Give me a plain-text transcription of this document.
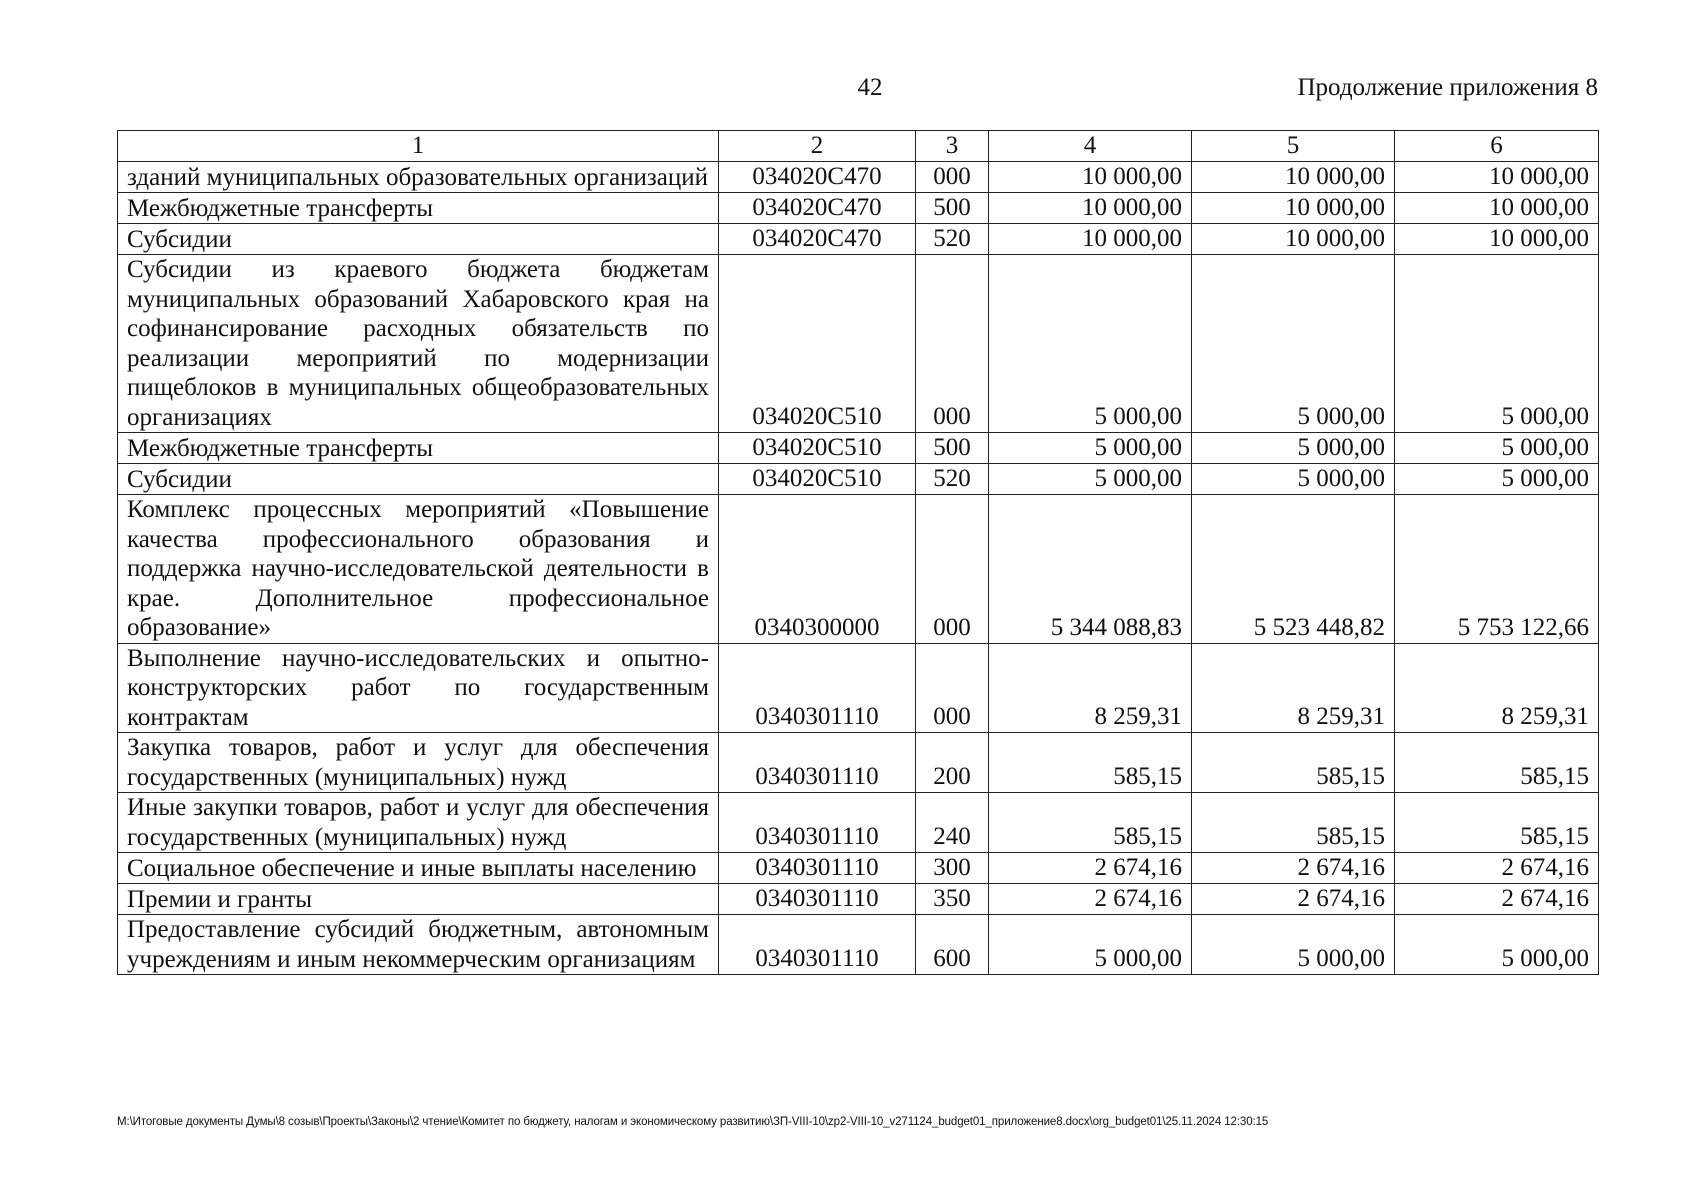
42	Продолжение приложения 8
1	2	3	4	5	6
зданий муниципальных образовательных организаций	034020C470	000	10 000,00	10 000,00	10 000,00
Межбюджетные трансферты	034020C470	500	10 000,00	10 000,00	10 000,00
Субсидии	034020C470	520	10 000,00	10 000,00	10 000,00
Субсидии из краевого бюджета бюджетам муниципальных образований Хабаровского края на софинансирование расходных обязательств по реализации мероприятий по модернизации пищеблоков в муниципальных общеобразовательных организациях	034020C510	000	5 000,00	5 000,00	5 000,00
Межбюджетные трансферты	034020C510	500	5 000,00	5 000,00	5 000,00
Субсидии	034020C510	520	5 000,00	5 000,00	5 000,00
Комплекс процессных мероприятий «Повышение качества профессионального образования и поддержка научно-исследовательской деятельности в крае. Дополнительное профессиональное образование»	0340300000	000	5 344 088,83	5 523 448,82	5 753 122,66
Выполнение научно-исследовательских и опытно-конструкторских работ по государственным контрактам	0340301110	000	8 259,31	8 259,31	8 259,31
Закупка товаров, работ и услуг для обеспечения государственных (муниципальных) нужд	0340301110	200	585,15	585,15	585,15
Иные закупки товаров, работ и услуг для обеспечения государственных (муниципальных) нужд	0340301110	240	585,15	585,15	585,15
Социальное обеспечение и иные выплаты населению	0340301110	300	2 674,16	2 674,16	2 674,16
Премии и гранты	0340301110	350	2 674,16	2 674,16	2 674,16
Предоставление субсидий бюджетным, автономным учреждениям и иным некоммерческим организациям	0340301110	600	5 000,00	5 000,00	5 000,00
M:\Итоговые документы Думы\8 созыв\Проекты\Законы\2 чтение\Комитет по бюджету, налогам и экономическому развитию\ЗП-VIII-10\zp2-VIII-10_v271124_budget01_приложение8.docx\org_budget01\25.11.2024 12:30:15
